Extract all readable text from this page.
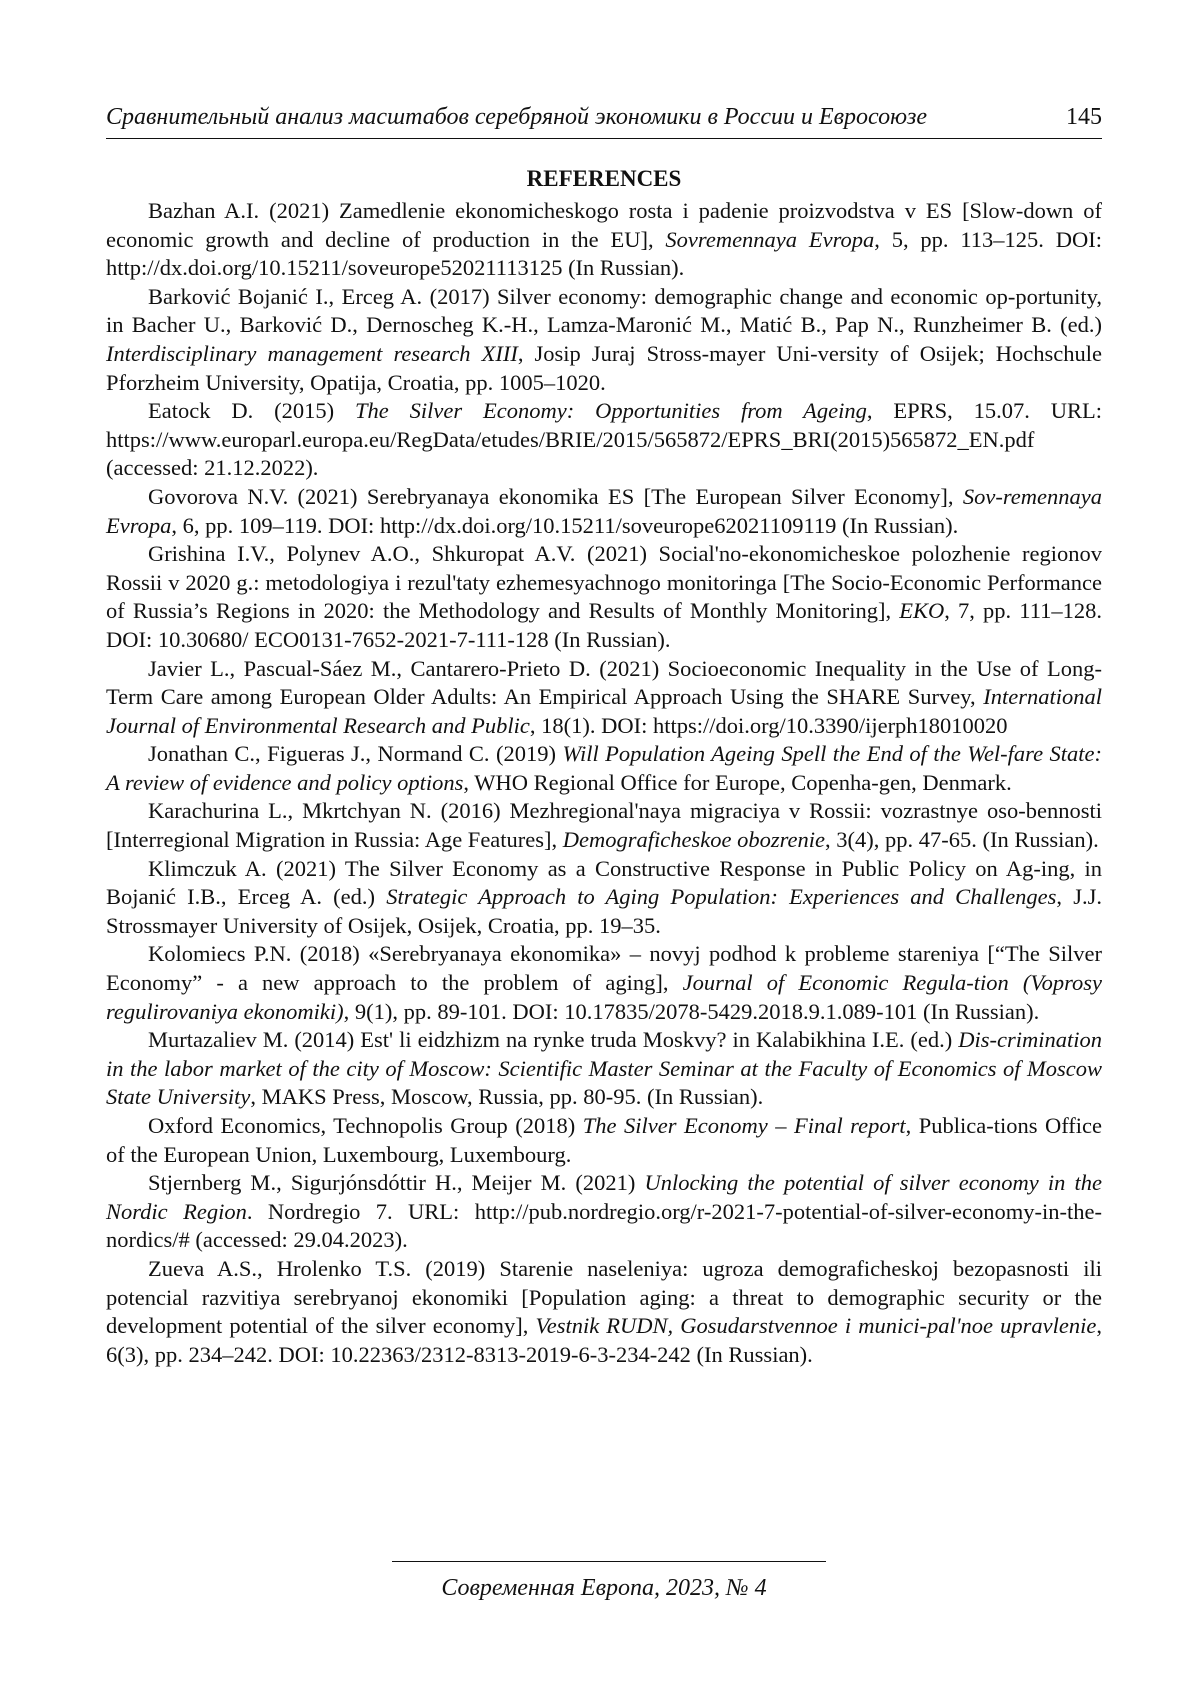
Сравнительный анализ масштабов серебряной экономики в России и Евросоюзе	145
REFERENCES

Bazhan A.I. (2021) Zamedlenie ekonomicheskogo rosta i padenie proizvodstva v ES [Slow-down of economic growth and decline of production in the EU], Sovremennaya Evropa, 5, pp. 113–125. DOI: http://dx.doi.org/10.15211/soveurope52021113125 (In Russian).

Barković Bojanić I., Erceg A. (2017) Silver economy: demographic change and economic op-portunity, in Bacher U., Barković D., Dernoscheg K.-H., Lamza-Maronić M., Matić B., Pap N., Runzheimer B. (ed.) Interdisciplinary management research XIII, Josip Juraj Stross-mayer Uni-versity of Osijek; Hochschule Pforzheim University, Opatija, Croatia, pp. 1005–1020.

Eatock D. (2015) The Silver Economy: Opportunities from Ageing, EPRS, 15.07. URL: https://www.europarl.europa.eu/RegData/etudes/BRIE/2015/565872/EPRS_BRI(2015)565872_EN.pdf (accessed: 21.12.2022).

Govorova N.V. (2021) Serebryanaya ekonomika ES [The European Silver Economy], Sov-remennaya Evropa, 6, pp. 109–119. DOI: http://dx.doi.org/10.15211/soveurope62021109119 (In Russian).

Grishina I.V., Polynev A.O., Shkuropat A.V. (2021) Social'no-ekonomicheskoe polozhenie regionov Rossii v 2020 g.: metodologiya i rezul'taty ezhemesyachnogo monitoringa [The Socio-Economic Performance of Russia’s Regions in 2020: the Methodology and Results of Monthly Monitoring], EKO, 7, pp. 111–128. DOI: 10.30680/ ECO0131-7652-2021-7-111-128 (In Russian).

Javier L., Pascual-Sáez M., Cantarero-Prieto D. (2021) Socioeconomic Inequality in the Use of Long-Term Care among European Older Adults: An Empirical Approach Using the SHARE Survey, International Journal of Environmental Research and Public, 18(1). DOI: https://doi.org/10.3390/ijerph18010020

Jonathan C., Figueras J., Normand C. (2019) Will Population Ageing Spell the End of the Wel-fare State: A review of evidence and policy options, WHO Regional Office for Europe, Copenha-gen, Denmark.

Karachurina L., Mkrtchyan N. (2016) Mezhregional'naya migraciya v Rossii: vozrastnye oso-bennosti [Interregional Migration in Russia: Age Features], Demograficheskoe obozrenie, 3(4), pp. 47-65. (In Russian).

Klimczuk A. (2021) The Silver Economy as a Constructive Response in Public Policy on Ag-ing, in Bojanić I.B., Erceg A. (ed.) Strategic Approach to Aging Population: Experiences and Challenges, J.J. Strossmayer University of Osijek, Osijek, Croatia, pp. 19–35.

Kolomiecs P.N. (2018) «Serebryanaya ekonomika» – novyj podhod k probleme stareniya [“The Silver Economy” - a new approach to the problem of aging], Journal of Economic Regula-tion (Voprosy regulirovaniya ekonomiki), 9(1), pp. 89-101. DOI: 10.17835/2078-5429.2018.9.1.089-101 (In Russian).

Murtazaliev M. (2014) Est' li eidzhizm na rynke truda Moskvy? in Kalabikhina I.E. (ed.) Dis-crimination in the labor market of the city of Moscow: Scientific Master Seminar at the Faculty of Economics of Moscow State University, MAKS Press, Moscow, Russia, pp. 80-95. (In Russian).

Oxford Economics, Technopolis Group (2018) The Silver Economy – Final report, Publica-tions Office of the European Union, Luxembourg, Luxembourg.

Stjernberg M., Sigurjónsdóttir H., Meijer M. (2021) Unlocking the potential of silver economy in the Nordic Region. Nordregio 7. URL: http://pub.nordregio.org/r-2021-7-potential-of-silver-economy-in-the-nordics/# (accessed: 29.04.2023).

Zueva A.S., Hrolenko T.S. (2019) Starenie naseleniya: ugroza demograficheskoj bezopasnosti ili potencial razvitiya serebryanoj ekonomiki [Population aging: a threat to demographic security or the development potential of the silver economy], Vestnik RUDN, Gosudarstvennoe i munici-pal'noe upravlenie, 6(3), pp. 234–242. DOI: 10.22363/2312-8313-2019-6-3-234-242 (In Russian).

Современная Европа, 2023, № 4
